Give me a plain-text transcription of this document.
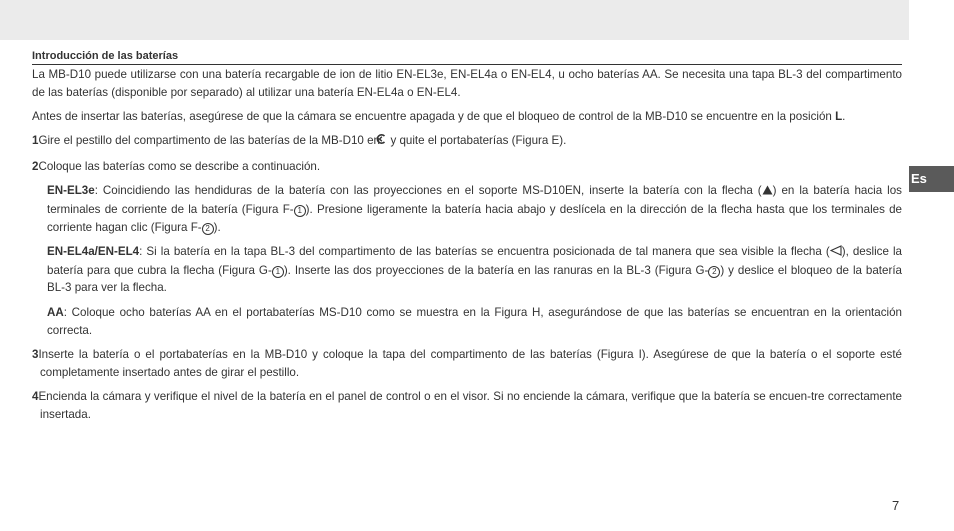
Introducción de las baterías

La MB-D10 puede utilizarse con una batería recargable de ion de litio EN-EL3e, EN-EL4a o EN-EL4, u ocho baterías AA. Se necesita una tapa BL-3 del compartimento de las baterías (disponible por separado) al utilizar una batería EN-EL4a o EN-EL4.

Antes de insertar las baterías, asegúrese de que la cámara se encuentre apagada y de que el bloqueo de control de la MB-D10 se encuentre en la posición L.

1Gire el pestillo del compartimento de las baterías de la MB-D10 en  y quite el portabaterías (Figura E).

2Coloque las baterías como se describe a continuación.

EN-EL3e: Coincidiendo las hendiduras de la batería con las proyecciones en el soporte MS-D10EN, inserte la batería con la flecha ( ) en la batería hacia los terminales de corriente de la batería (Figura F- 1 ). Presione ligeramente la batería hacia abajo y deslícela en la dirección de la flecha hasta que los terminales de corriente hagan clic (Figura F- 2 ).

EN-EL4a/EN-EL4: Si la batería en la tapa BL-3 del compartimento de las baterías se encuentra posicionada de tal manera que sea visible la flecha ( ), deslice la batería para que cubra la flecha (Figura G- 1 ). Inserte las dos proyecciones de la batería en las ranuras en la BL-3 (Figura G- 2 ) y deslice el bloqueo de la batería BL-3 para ver la flecha.

AA: Coloque ocho baterías AA en el portabaterías MS-D10 como se muestra en la Figura H, asegurándose de que las baterías se encuentran en la orientación correcta.

3Inserte la batería o el portabaterías en la MB-D10 y coloque la tapa del compartimento de las baterías (Figura I). Asegúrese de que la batería o el soporte esté completamente insertado antes de girar el pestillo.

4Encienda la cámara y verifique el nivel de la batería en el panel de control o en el visor. Si no enciende la cámara, verifique que la batería se encuen-tre correctamente insertada.

Es
7
